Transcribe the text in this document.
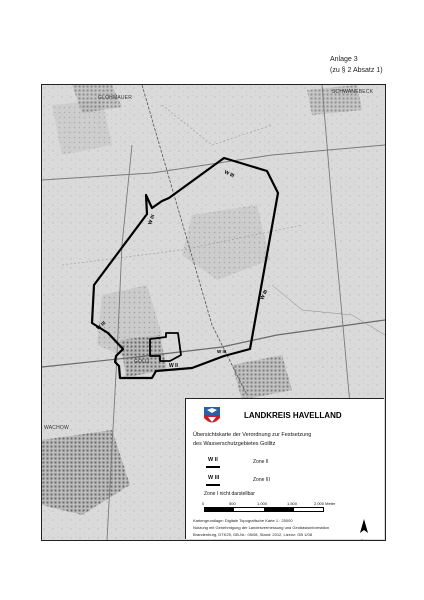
Anlage 3
(zu § 2 Absatz 1)
W III
W III
W III
W III
W III
W II
GLOHMAUER
SCHWANEBECK
GOLLI
WACHOW
LANDKREIS HAVELLAND
Übersichtskarte der Verordnung zur Festsetzung
des Wasserschutzgebietes Gollitz
W II	Zone II
W III	Zone III
Zone I nicht darstellbar
0	500	1.000	1.500	2.000 Meter
Kartengrundlage: Digitale Topografische Karte 1 : 25000
Nutzung mit Genehmigung der Landesvermessung und Geobasisinformation
Brandenburg, DTK25, GB-Nr.: 05/08, Stand: 2012, Lizenz: GB 1/08
